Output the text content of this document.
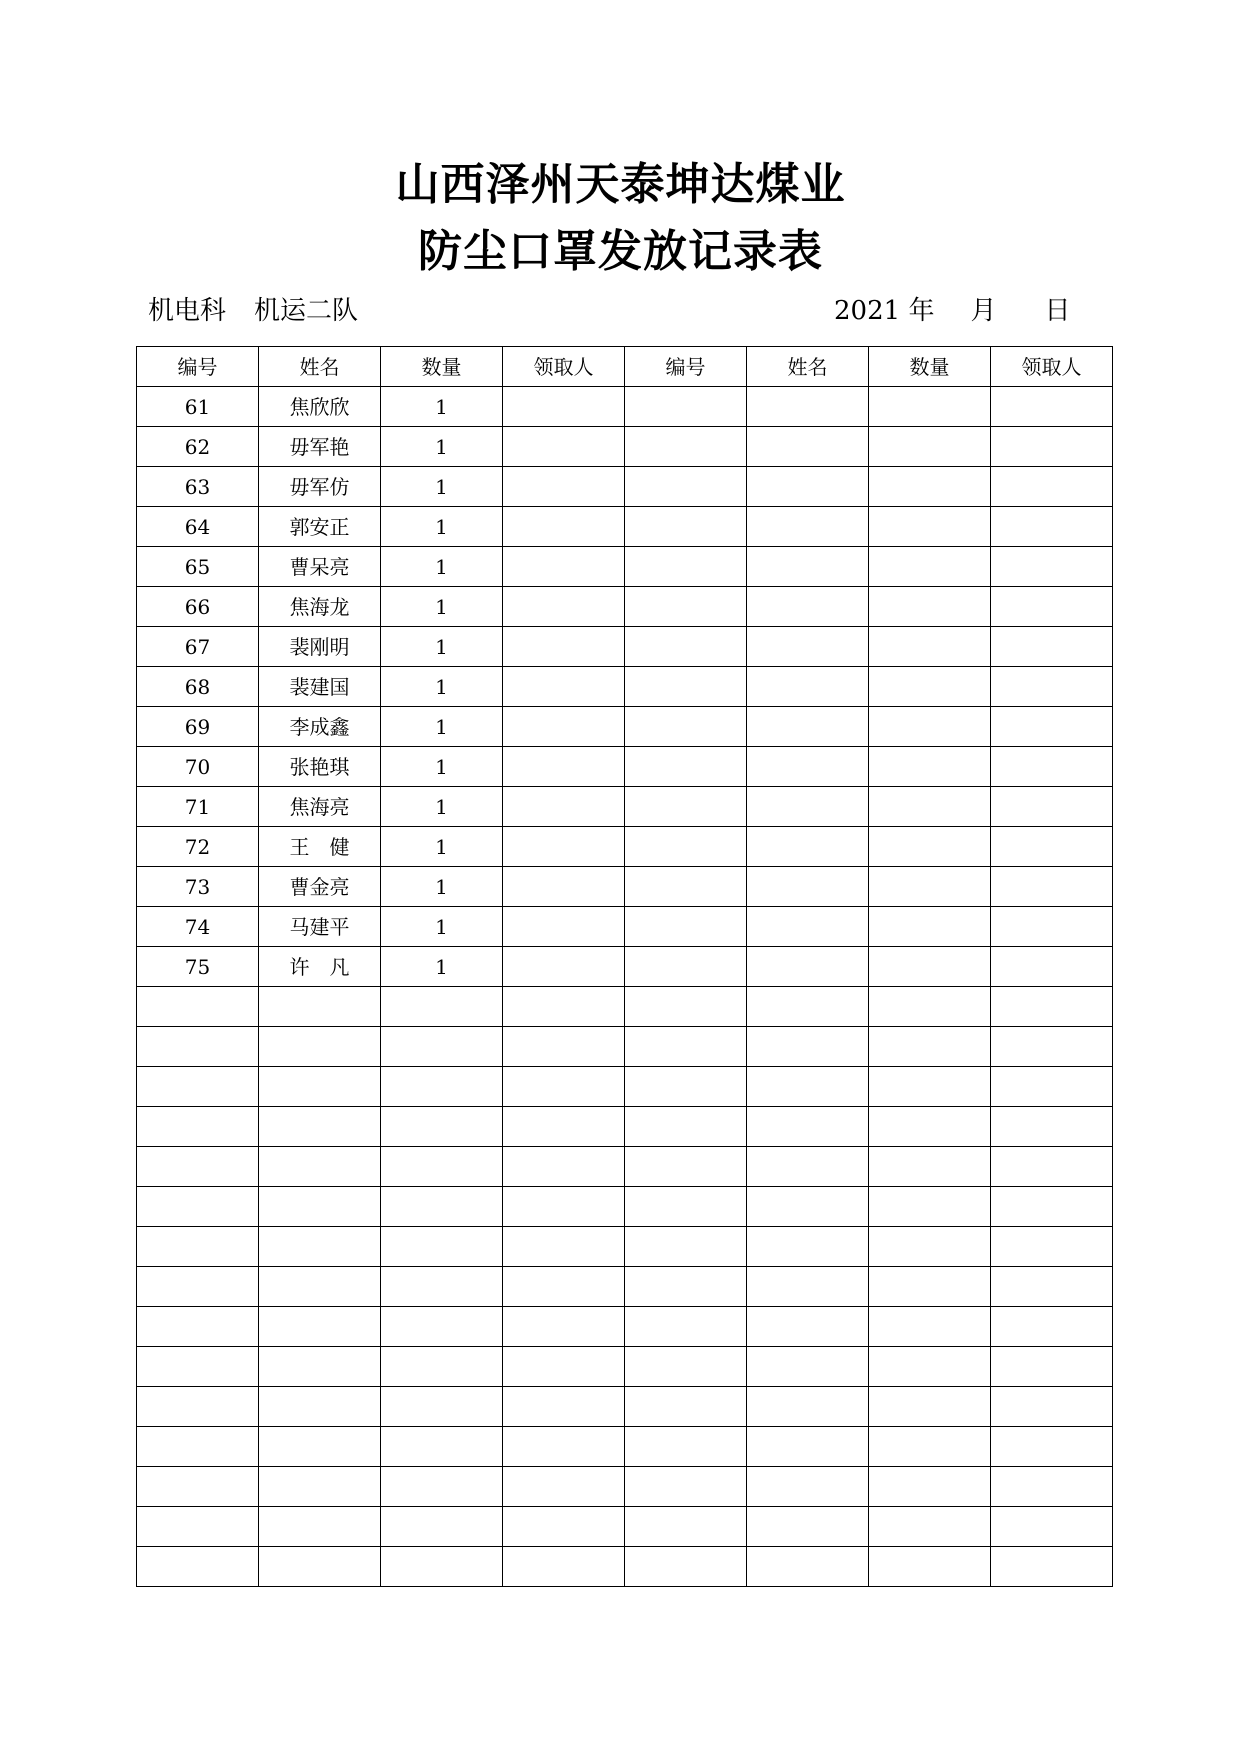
山西泽州天泰坤达煤业
防尘口罩发放记录表
机电科 机运二队	2021 年 月 日
编号	姓名	数量	领取人	编号	姓名	数量	领取人
61	焦欣欣	1					
62	毋军艳	1					
63	毋军仿	1					
64	郭安正	1					
65	曹呆亮	1					
66	焦海龙	1					
67	裴刚明	1					
68	裴建国	1					
69	李成鑫	1					
70	张艳琪	1					
71	焦海亮	1					
72	王　健	1					
73	曹金亮	1					
74	马建平	1					
75	许　凡	1					
